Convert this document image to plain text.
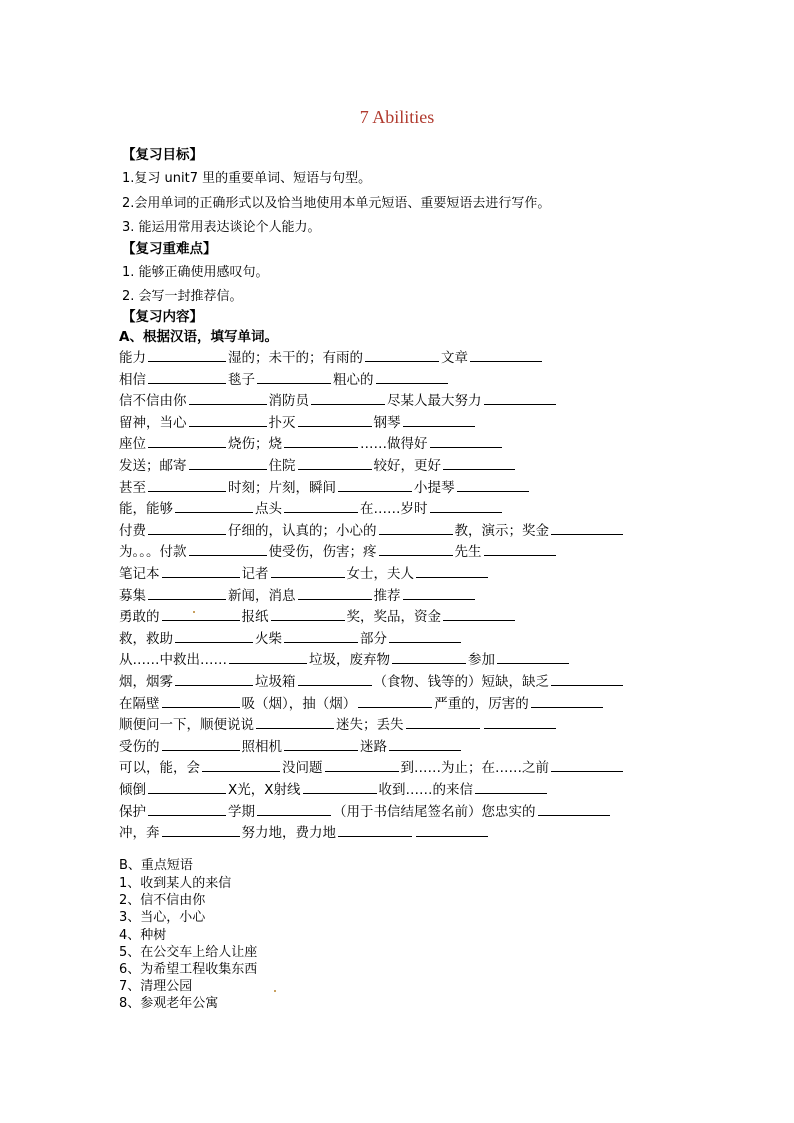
7 Abilities
【复习目标】
1.复习 unit7 里的重要单词、短语与句型。
2.会用单词的正确形式以及恰当地使用本单元短语、重要短语去进行写作。
3. 能运用常用表达谈论个人能力。
【复习重难点】
1. 能够正确使用感叹句。
2. 会写一封推荐信。
【复习内容】
A、根据汉语，填写单词。
能力	湿的；未干的；有雨的	文章
相信	毯子	粗心的
信不信由你	消防员	尽某人最大努力
留神，当心	扑灭	钢琴
座位	烧伤；烧	……做得好
发送；邮寄	住院	较好，更好
甚至	时刻；片刻，瞬间	小提琴
能，能够	点头	在……岁时
付费	仔细的，认真的；小心的	教，演示；奖金
为。。。付款	使受伤，伤害；疼	先生
笔记本	记者	女士，夫人
募集	新闻，消息	推荐
勇敢的	报纸	奖，奖品，资金
救，救助	火柴	部分
从……中救出……	垃圾，废弃物	参加
烟，烟雾	垃圾箱	（食物、钱等的）短缺，缺乏
在隔壁	吸（烟），抽（烟）	严重的，厉害的
顺便问一下，顺便说说	迷失；丢失
受伤的	照相机	迷路
可以，能，会	没问题	到……为止；在……之前
倾倒	X光，X射线	收到……的来信
保护	学期	（用于书信结尾签名前）您忠实的
冲，奔	努力地，费力地
B、重点短语
1、收到某人的来信
2、信不信由你
3、当心，小心
4、种树
5、在公交车上给人让座
6、为希望工程收集东西
7、清理公园
8、参观老年公寓
